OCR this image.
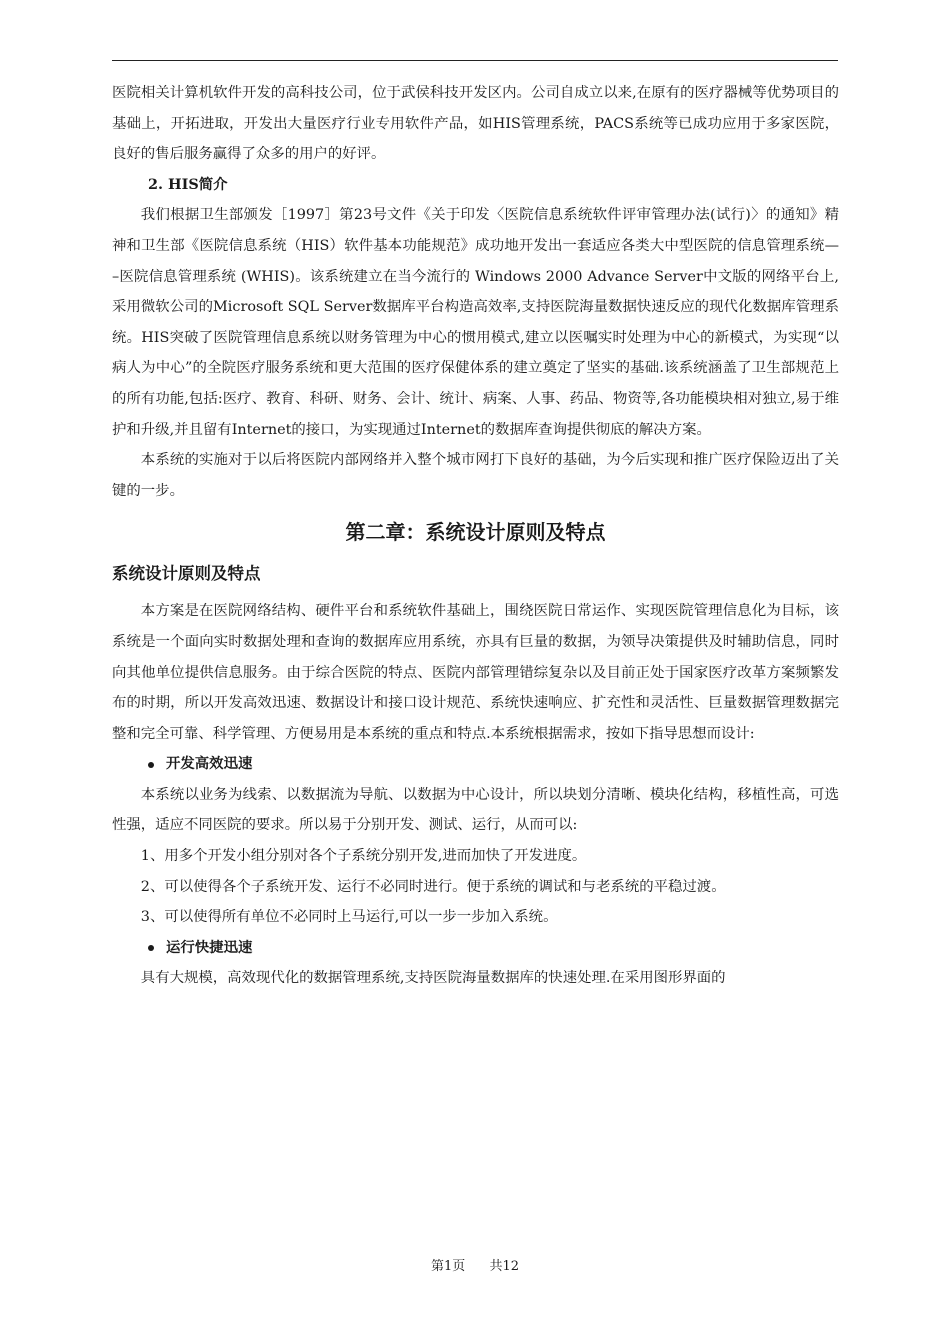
医院相关计算机软件开发的高科技公司，位于武侯科技开发区内。公司自成立以来,在原有的医疗器械等优势项目的基础上，开拓进取，开发出大量医疗行业专用软件产品，如HIS管理系统，PACS系统等已成功应用于多家医院，良好的售后服务赢得了众多的用户的好评。

2. HIS简介

我们根据卫生部颁发［1997］第23号文件《关于印发〈医院信息系统软件评审管理办法(试行)〉的通知》精神和卫生部《医院信息系统（HIS）软件基本功能规范》成功地开发出一套适应各类大中型医院的信息管理系统— –医院信息管理系统 (WHIS)。该系统建立在当今流行的 Windows 2000 Advance Server中文版的网络平台上,采用微软公司的Microsoft SQL Server数据库平台构造高效率,支持医院海量数据快速反应的现代化数据库管理系统。HIS突破了医院管理信息系统以财务管理为中心的惯用模式,建立以医嘱实时处理为中心的新模式，为实现“以病人为中心”的全院医疗服务系统和更大范围的医疗保健体系的建立奠定了坚实的基础.该系统涵盖了卫生部规范上的所有功能,包括:医疗、教育、科研、财务、会计、统计、病案、人事、药品、物资等,各功能模块相对独立,易于维护和升级,并且留有Internet的接口，为实现通过Internet的数据库查询提供彻底的解决方案。

本系统的实施对于以后将医院内部网络并入整个城市网打下良好的基础，为今后实现和推广医疗保险迈出了关键的一步。

第二章：系统设计原则及特点
系统设计原则及特点

本方案是在医院网络结构、硬件平台和系统软件基础上，围绕医院日常运作、实现医院管理信息化为目标，该系统是一个面向实时数据处理和查询的数据库应用系统，亦具有巨量的数据，为领导决策提供及时辅助信息，同时向其他单位提供信息服务。由于综合医院的特点、医院内部管理错综复杂以及目前正处于国家医疗改革方案频繁发布的时期，所以开发高效迅速、数据设计和接口设计规范、系统快速响应、扩充性和灵活性、巨量数据管理数据完整和完全可靠、科学管理、方便易用是本系统的重点和特点.本系统根据需求，按如下指导思想而设计:

开发高效迅速

本系统以业务为线索、以数据流为导航、以数据为中心设计，所以块划分清晰、模块化结构，移植性高，可选性强，适应不同医院的要求。所以易于分别开发、测试、运行，从而可以:

1、用多个开发小组分别对各个子系统分别开发,进而加快了开发进度。

2、可以使得各个子系统开发、运行不必同时进行。便于系统的调试和与老系统的平稳过渡。

3、可以使得所有单位不必同时上马运行,可以一步一步加入系统。

运行快捷迅速

具有大规模，高效现代化的数据管理系统,支持医院海量数据库的快速处理.在采用图形界面的

第1页 共12
